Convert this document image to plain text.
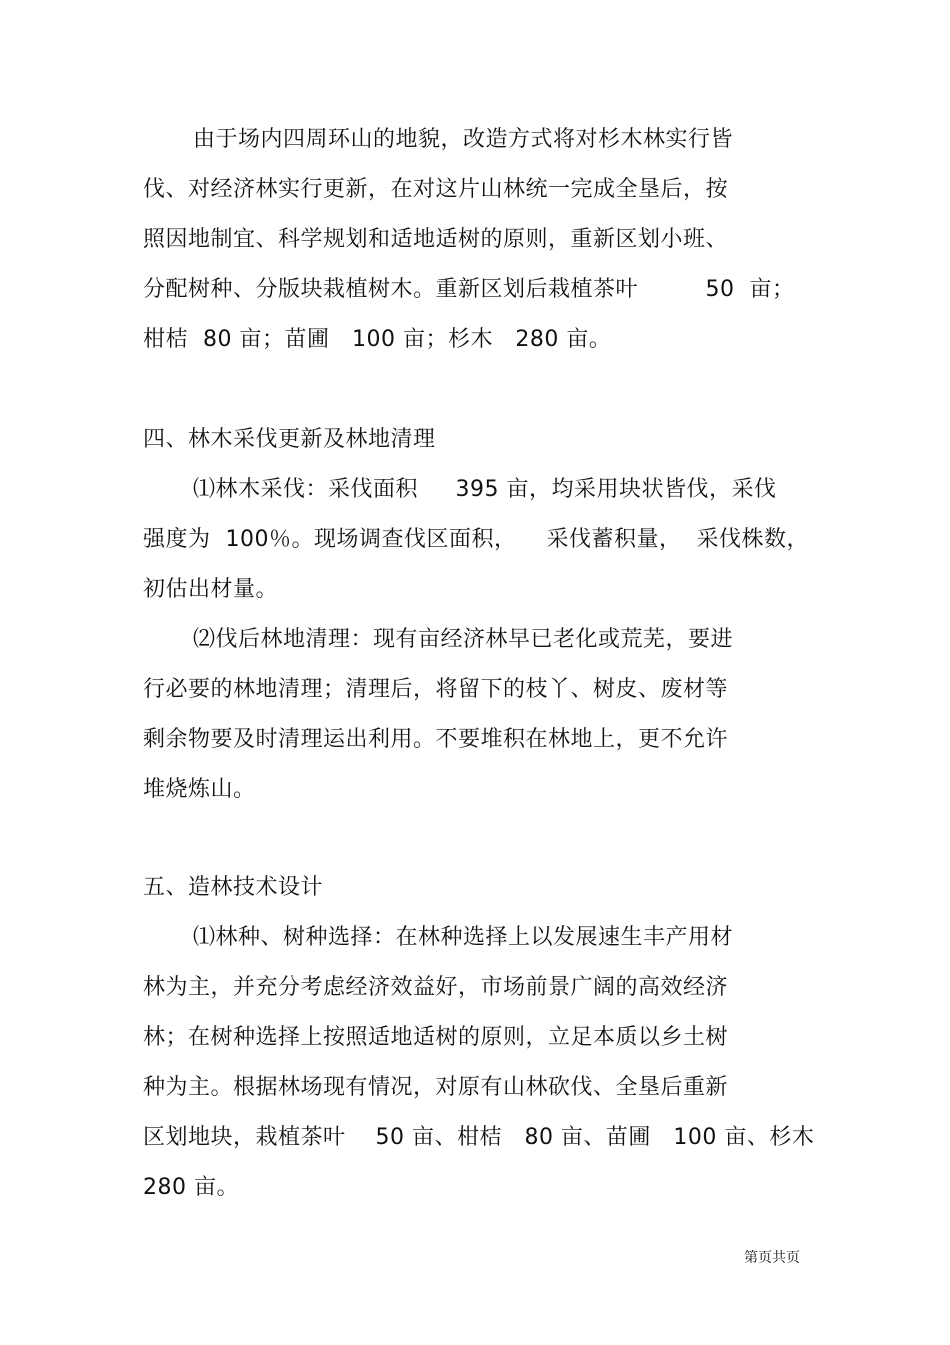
由于场内四周环山的地貌，改造方式将对杉木林实行皆
伐、对经济林实行更新，在对这片山林统一完成全垦后，按
照因地制宜、科学规划和适地适树的原则，重新区划小班、
分配树种、分版块栽植树木。重新区划后栽植茶叶　　　50  亩；
柑桔  80 亩；苗圃   100 亩；杉木   280 亩。
四、林木采伐更新及林地清理
⑴林木采伐：采伐面积     395 亩，均采用块状皆伐，采伐
强度为  100％。现场调查伐区面积，    采伐蓄积量，  采伐株数，
初估出材量。
⑵伐后林地清理：现有亩经济林早已老化或荒芜，要进
行必要的林地清理；清理后，将留下的枝丫、树皮、废材等
剩余物要及时清理运出利用。不要堆积在林地上，更不允许
堆烧炼山。
五、造林技术设计
⑴林种、树种选择：在林种选择上以发展速生丰产用材
林为主，并充分考虑经济效益好，市场前景广阔的高效经济
林；在树种选择上按照适地适树的原则，立足本质以乡土树
种为主。根据林场现有情况，对原有山林砍伐、全垦后重新
区划地块，栽植茶叶    50 亩、柑桔   80 亩、苗圃   100 亩、杉木
280 亩。
第页共页
